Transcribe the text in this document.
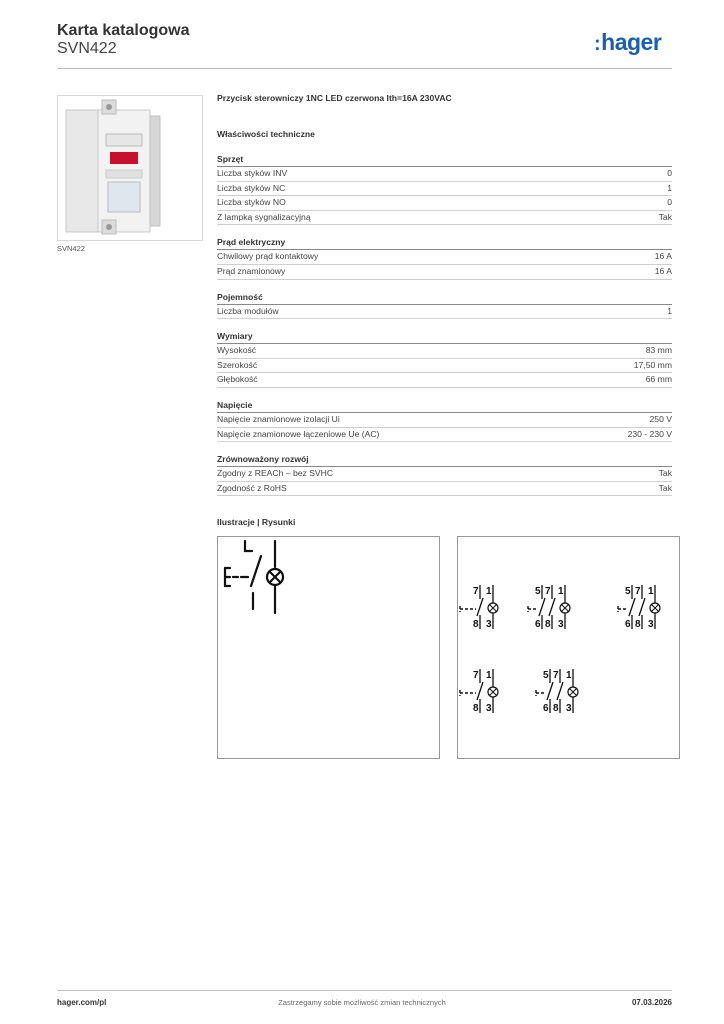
Karta katalogowa
SVN422	:hager
SVN422
Przycisk sterowniczy 1NC LED czerwona Ith=16A 230VAC
Właściwości techniczne
Sprzęt
Liczba styków INV	0
Liczba styków NC	1
Liczba styków NO	0
Z lampką sygnalizacyjną	Tak
Prąd elektryczny
Chwilowy prąd kontaktowy	16 A
Prąd znamionowy	16 A
Pojemność
Liczba modułów	1
Wymiary
Wysokość	83 mm
Szerokość	17,50 mm
Głębokość	66 mm
Napięcie
Napięcie znamionowe izolacji Ui	250 V
Napięcie znamionowe łączeniowe Ue (AC)	230 - 230 V
Zrównoważony rozwój
Zgodny z REACh – bez SVHC	Tak
Zgodność z RoHS	Tak
Ilustracje | Rysunki
7
8
1
3
5
6
7
8
1
3
5
6
7
8
1
3
7
8
1
3
5
6
7
8
1
3
hager.com/pl	Zastrzegamy sobie możliwość zmian technicznych	07.03.2026
